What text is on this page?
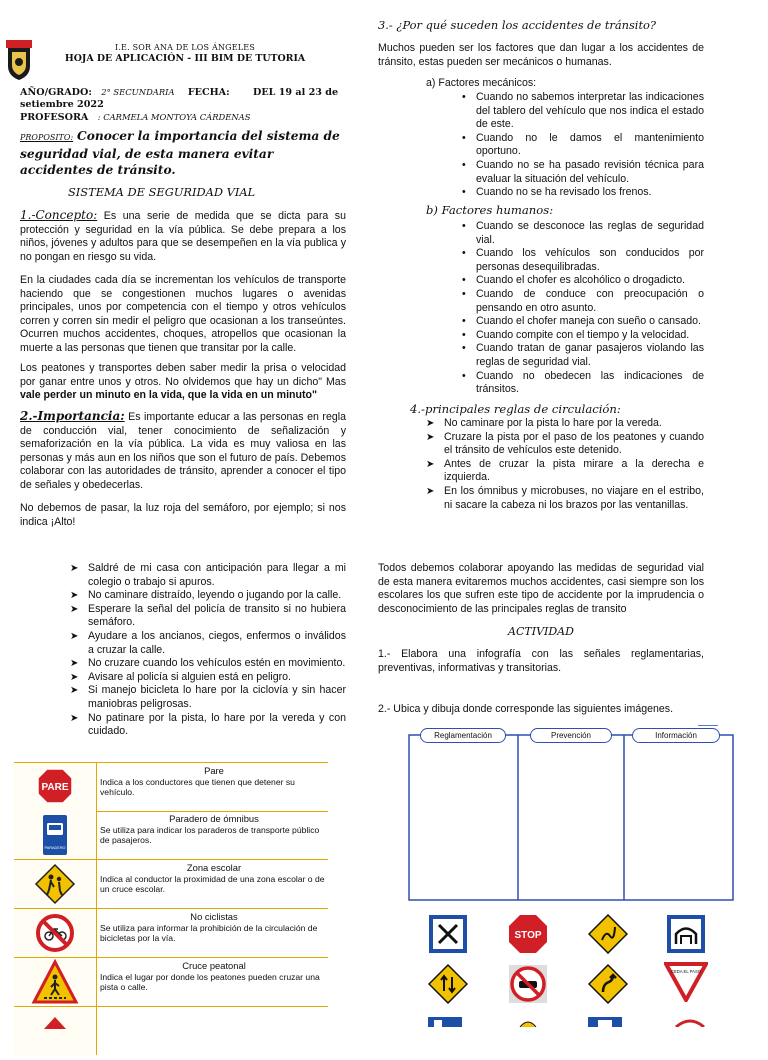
I.E. SOR ANA DE LOS ÁNGELES
HOJA DE APLICACIÓN - III BIM DE TUTORIA
AÑO/GRADO: 2° SECUNDARIA FECHA: DEL 19 al 23 de
setiembre 2022
PROFESORA : CARMELA MONTOYA CÁRDENAS
PROPOSITO: Conocer la importancia del sistema de seguridad vial, de esta manera evitar accidentes de tránsito.
SISTEMA DE SEGURIDAD VIAL
1.-Concepto: Es una serie de medida que se dicta para su protección y seguridad en la vía pública. Se debe prepara a los niños, jóvenes y adultos para que se desempeñen en la vía publica y no pongan en riesgo su vida.
En la ciudades cada día se incrementan los vehículos de transporte haciendo que se congestionen muchos lugares o avenidas principales, unos por competencia con el tiempo y otros vehículos corren y corren sin medir el peligro que ocasionan a los transeúntes. Ocurren muchos accidentes, choques, atropellos que ocasionan la muerte a las personas que tienen que transitar por la calle.
Los peatones y transportes deben saber medir la prisa o velocidad por ganar entre unos y otros. No olvidemos que hay un dicho" Mas vale perder un minuto en la vida, que la vida en un minuto"
2.-Importancia: Es importante educar a las personas en regla de conducción vial, tener conocimiento de señalización y semaforización en la vía pública. La vida es muy valiosa en las personas y más aun en los niños que son el futuro de país. Debemos colaborar con las autoridades de tránsito, aprender a conocer el tipo de señales y obedecerlas.
No debemos de pasar, la luz roja del semáforo, por ejemplo; si nos indica ¡Alto!
➤ Saldré de mi casa con anticipación para llegar a mi colegio o trabajo si apuros.
➤ No caminare distraído, leyendo o jugando por la calle.
➤ Esperare la señal del policía de transito si no hubiera semáforo.
➤ Ayudare a los ancianos, ciegos, enfermos o inválidos a cruzar la calle.
➤ No cruzare cuando los vehículos estén en movimiento.
➤ Avisare al policía si alguien está en peligro.
➤ Si manejo bicicleta lo hare por la ciclovía y sin hacer maniobras peligrosas.
➤ No patinare por la pista, lo hare por la vereda y con cuidado.
PARE
Pare
Indica a los conductores que tienen que detener su vehículo.
PARADERO
Paradero de ómnibus
Se utiliza para indicar los paraderos de transporte público de pasajeros.
Zona escolar
Indica al conductor la proximidad de una zona escolar o de un cruce escolar.
No ciclistas
Se utiliza para informar la prohibición de la circulación de bicicletas por la vía.
Cruce peatonal
Indica el lugar por donde los peatones pueden cruzar una pista o calle.
3.- ¿Por qué suceden los accidentes de tránsito?
Muchos pueden ser los factores que dan lugar a los accidentes de tránsito, estas pueden ser mecánicos o humanas.
a) Factores mecánicos:
• Cuando no sabemos interpretar las indicaciones del tablero del vehículo que nos indica el estado de este.
• Cuando no le damos el mantenimiento oportuno.
• Cuando no se ha pasado revisión técnica para evaluar la situación del vehículo.
• Cuando no se ha revisado los frenos.
b) Factores humanos:
• Cuando se desconoce las reglas de seguridad vial.
• Cuando los vehículos son conducidos por personas desequilibradas.
• Cuando el chofer es alcohólico o drogadicto.
• Cuando de conduce con preocupación o pensando en otro asunto.
• Cuando el chofer maneja con sueño o cansado.
• Cuando compite con el tiempo y la velocidad.
• Cuando tratan de ganar pasajeros violando las reglas de seguridad vial.
• Cuando no obedecen las indicaciones de tránsitos.
4.-principales reglas de circulación:
➤ No caminare por la pista lo hare por la vereda.
➤ Cruzare la pista por el paso de los peatones y cuando el tránsito de vehículos este detenido.
➤ Antes de cruzar la pista mirare a la derecha e izquierda.
➤ En los ómnibus y microbuses, no viajare en el estribo, ni sacare la cabeza ni los brazos por las ventanillas.
Todos debemos colaborar apoyando las medidas de seguridad vial de esta manera evitaremos muchos accidentes, casi siempre son los escolares los que sufren este tipo de accidente por la imprudencia o desconocimiento de las principales reglas de transito
ACTIVIDAD
1.- Elabora una infografía con las señales reglamentarias, preventivas, informativas y transitorias.
2.- Ubica y dibuja donde corresponde las siguientes imágenes.
Reglamentación	Prevención	Información
STOP
CEDA EL PASO
